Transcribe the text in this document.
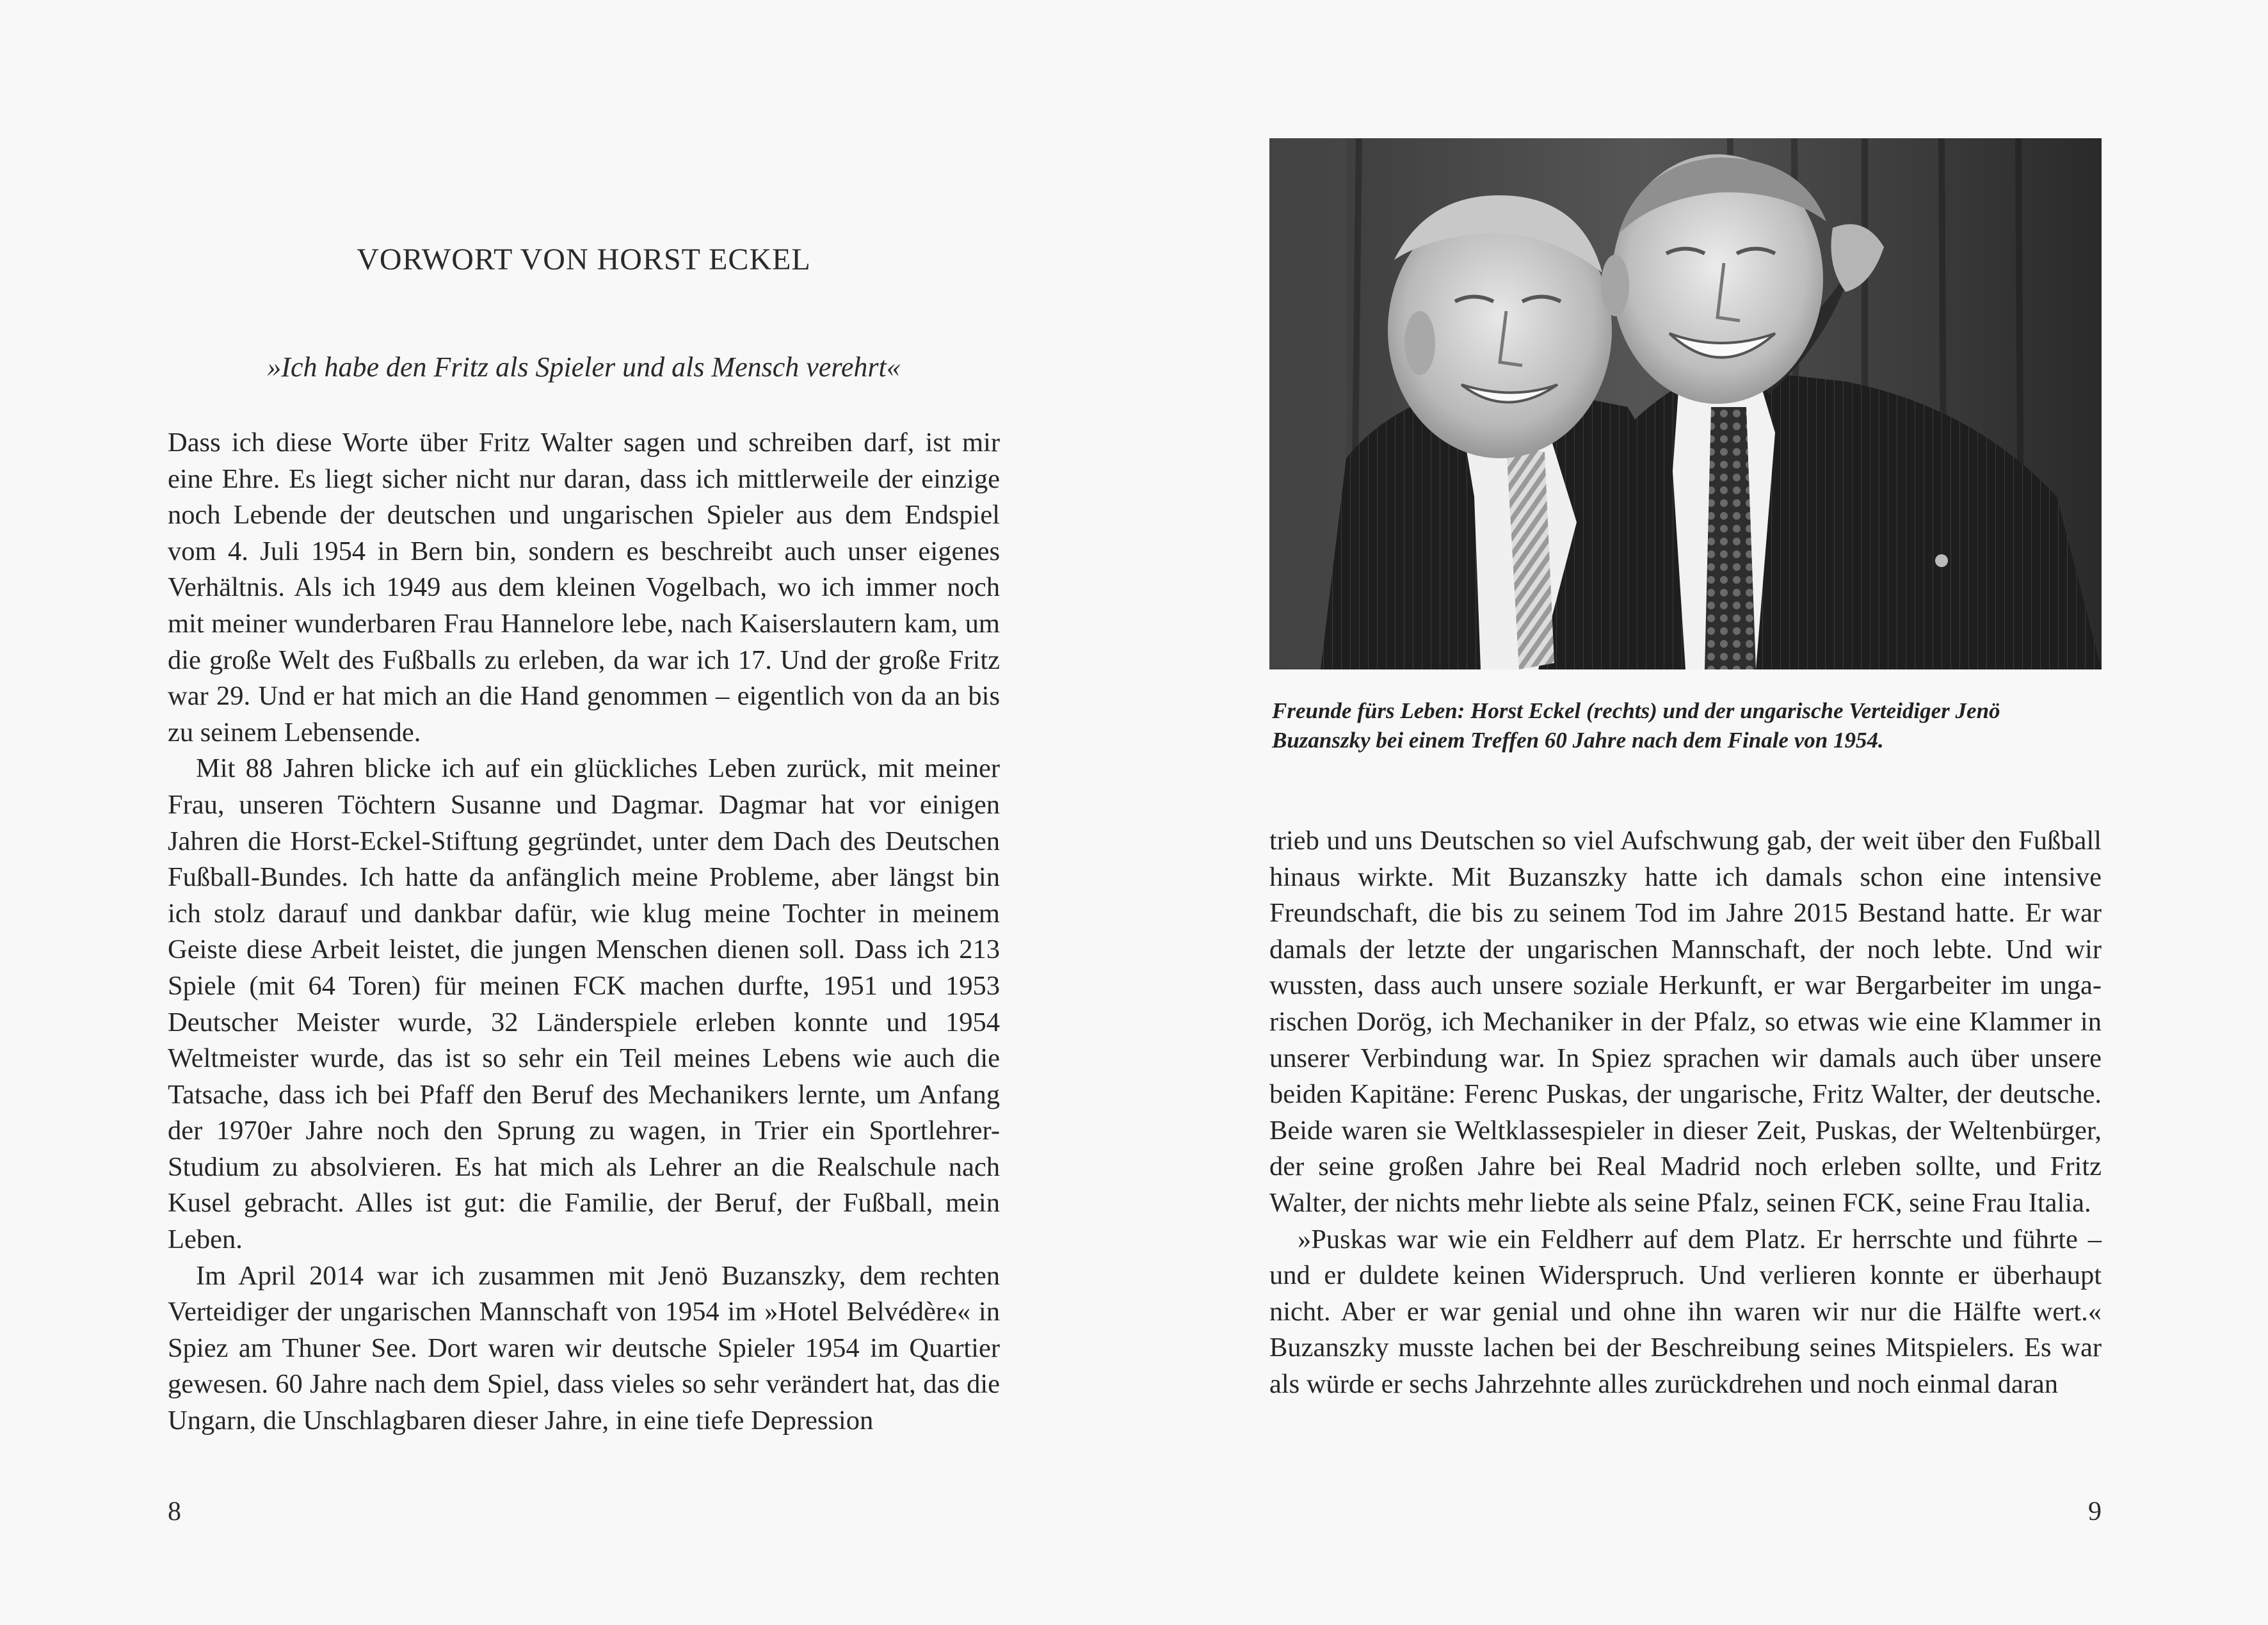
VORWORT VON HORST ECKEL
»Ich habe den Fritz als Spieler und als Mensch verehrt«

Dass ich diese Worte über Fritz Walter sagen und schreiben darf, ist mir eine Ehre. Es liegt sicher nicht nur daran, dass ich mittlerweile der einzige noch Lebende der deutschen und ungarischen Spieler aus dem Endspiel vom 4. Juli 1954 in Bern bin, sondern es beschreibt auch unser eigenes Verhältnis. Als ich 1949 aus dem kleinen Vogelbach, wo ich immer noch mit meiner wunderbaren Frau Hannelore lebe, nach Kaiserslautern kam, um die große Welt des Fußballs zu erleben, da war ich 17. Und der große Fritz war 29. Und er hat mich an die Hand genommen – eigentlich von da an bis zu seinem Lebensende.

Mit 88 Jahren blicke ich auf ein glückliches Leben zurück, mit meiner Frau, unseren Töchtern Susanne und Dagmar. Dagmar hat vor einigen Jahren die Horst-Eckel-Stiftung gegründet, unter dem Dach des Deutschen Fußball-Bundes. Ich hatte da anfänglich meine Probleme, aber längst bin ich stolz darauf und dankbar dafür, wie klug meine Tochter in meinem Geiste diese Arbeit leistet, die jungen Menschen dienen soll. Dass ich 213 Spiele (mit 64 Toren) für meinen FCK machen durfte, 1951 und 1953 Deutscher Meister wurde, 32 Länderspiele erleben konnte und 1954 Weltmeister wurde, das ist so sehr ein Teil meines Lebens wie auch die Tatsache, dass ich bei Pfaff den Beruf des Mechanikers lernte, um Anfang der 1970er Jahre noch den Sprung zu wagen, in Trier ein Sportlehrer-Studium zu absolvieren. Es hat mich als Lehrer an die Realschule nach Kusel gebracht. Alles ist gut: die Familie, der Beruf, der Fußball, mein Leben.

Im April 2014 war ich zusammen mit Jenö Buzanszky, dem rechten Verteidiger der ungarischen Mannschaft von 1954 im »Hotel Belvédère« in Spiez am Thuner See. Dort waren wir deutsche Spieler 1954 im Quartier gewesen. 60 Jahre nach dem Spiel, dass vieles so sehr verändert hat, das die Ungarn, die Unschlagbaren dieser Jahre, in eine tiefe Depression

8
Freunde fürs Leben: Horst Eckel (rechts) und der ungarische Verteidiger Jenö Buzanszky bei einem Treffen 60 Jahre nach dem Finale von 1954.

trieb und uns Deutschen so viel Aufschwung gab, der weit über den Fußball hinaus wirkte. Mit Buzanszky hatte ich damals schon eine intensive Freundschaft, die bis zu seinem Tod im Jahre 2015 Bestand hatte. Er war damals der letzte der ungarischen Mannschaft, der noch lebte. Und wir wussten, dass auch unsere soziale Herkunft, er war Bergarbeiter im ungarischen Dorög, ich Mechaniker in der Pfalz, so etwas wie eine Klammer in unserer Verbindung war. In Spiez sprachen wir damals auch über unsere beiden Kapitäne: Ferenc Puskas, der ungarische, Fritz Walter, der deutsche. Beide waren sie Weltklassespieler in dieser Zeit, Puskas, der Weltenbürger, der seine großen Jahre bei Real Madrid noch erleben sollte, und Fritz Walter, der nichts mehr liebte als seine Pfalz, seinen FCK, seine Frau Italia.

»Puskas war wie ein Feldherr auf dem Platz. Er herrschte und führte – und er duldete keinen Widerspruch. Und verlieren konnte er überhaupt nicht. Aber er war genial und ohne ihn waren wir nur die Hälfte wert.« Buzanszky musste lachen bei der Beschreibung seines Mitspielers. Es war als würde er sechs Jahrzehnte alles zurückdrehen und noch einmal daran

9
